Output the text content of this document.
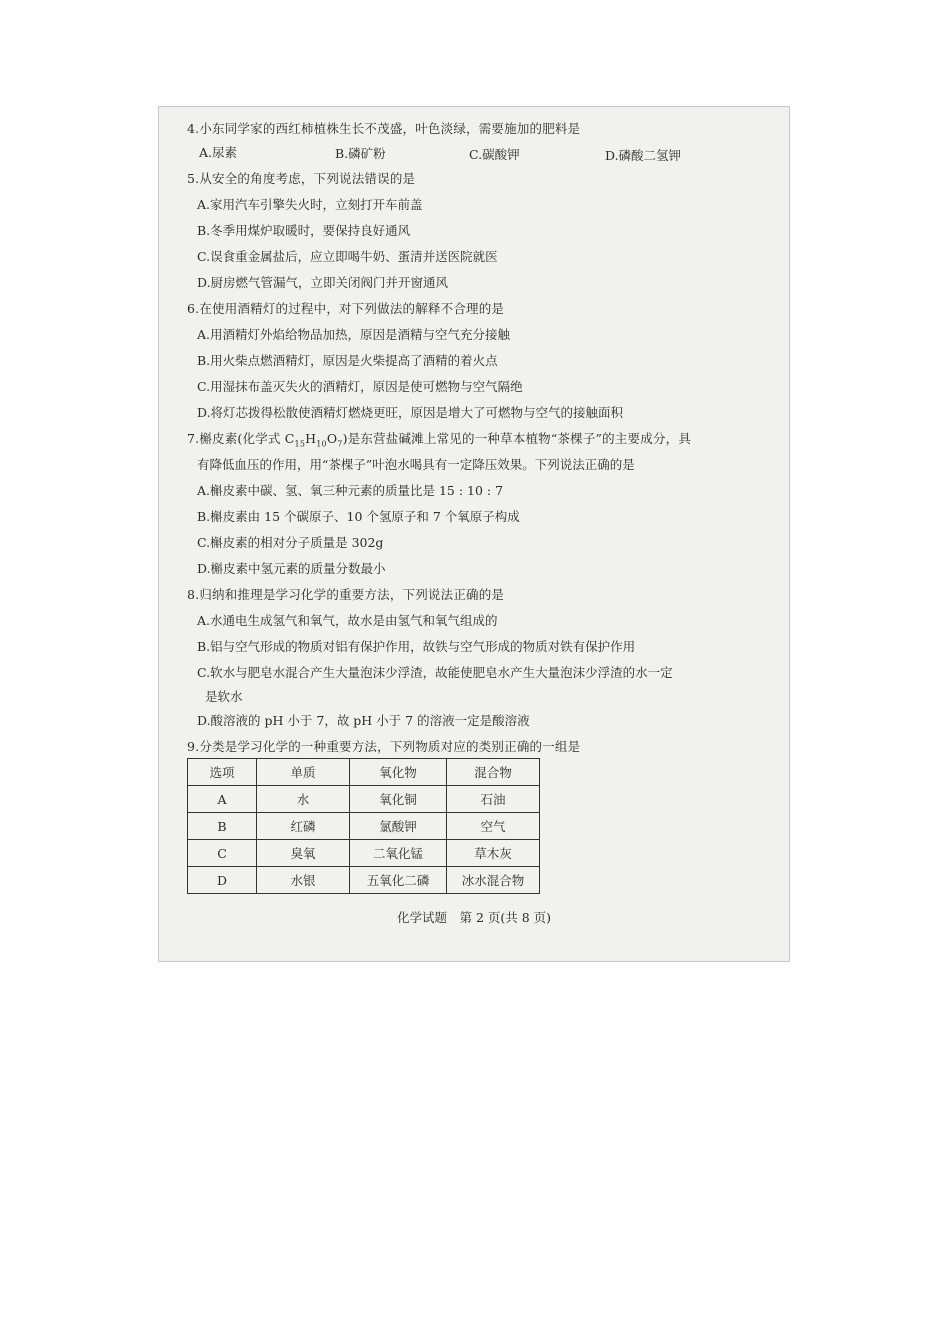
4.小东同学家的西红柿植株生长不茂盛，叶色淡绿，需要施加的肥料是
A.尿素	B.磷矿粉	C.碳酸钾	D.磷酸二氢钾
5.从安全的角度考虑，下列说法错误的是
A.家用汽车引擎失火时，立刻打开车前盖
B.冬季用煤炉取暖时，要保持良好通风
C.误食重金属盐后，应立即喝牛奶、蛋清并送医院就医
D.厨房燃气管漏气，立即关闭阀门并开窗通风
6.在使用酒精灯的过程中，对下列做法的解释不合理的是
A.用酒精灯外焰给物品加热，原因是酒精与空气充分接触
B.用火柴点燃酒精灯，原因是火柴提高了酒精的着火点
C.用湿抹布盖灭失火的酒精灯，原因是使可燃物与空气隔绝
D.将灯芯拨得松散使酒精灯燃烧更旺，原因是增大了可燃物与空气的接触面积
7.槲皮素(化学式 $C_{15}H_{10}O_7$)是东营盐碱滩上常见的一种草本植物“茶棵子”的主要成分，具
有降低血压的作用，用“茶棵子”叶泡水喝具有一定降压效果。下列说法正确的是
A.槲皮素中碳、氢、氧三种元素的质量比是 15 : 10 : 7
B.槲皮素由 15 个碳原子、10 个氢原子和 7 个氧原子构成
C.槲皮素的相对分子质量是 302g
D.槲皮素中氢元素的质量分数最小
8.归纳和推理是学习化学的重要方法，下列说法正确的是
A.水通电生成氢气和氧气，故水是由氢气和氧气组成的
B.铝与空气形成的物质对铝有保护作用，故铁与空气形成的物质对铁有保护作用
C.软水与肥皂水混合产生大量泡沫少浮渣，故能使肥皂水产生大量泡沫少浮渣的水一定
是软水
D.酸溶液的 pH 小于 7，故 pH 小于 7 的溶液一定是酸溶液
9.分类是学习化学的一种重要方法，下列物质对应的类别正确的一组是
选项	单质	氧化物	混合物
A	水	氧化铜	石油
B	红磷	氯酸钾	空气
C	臭氧	二氧化锰	草木灰
D	水银	五氧化二磷	冰水混合物
化学试题　第 2 页(共 8 页)
